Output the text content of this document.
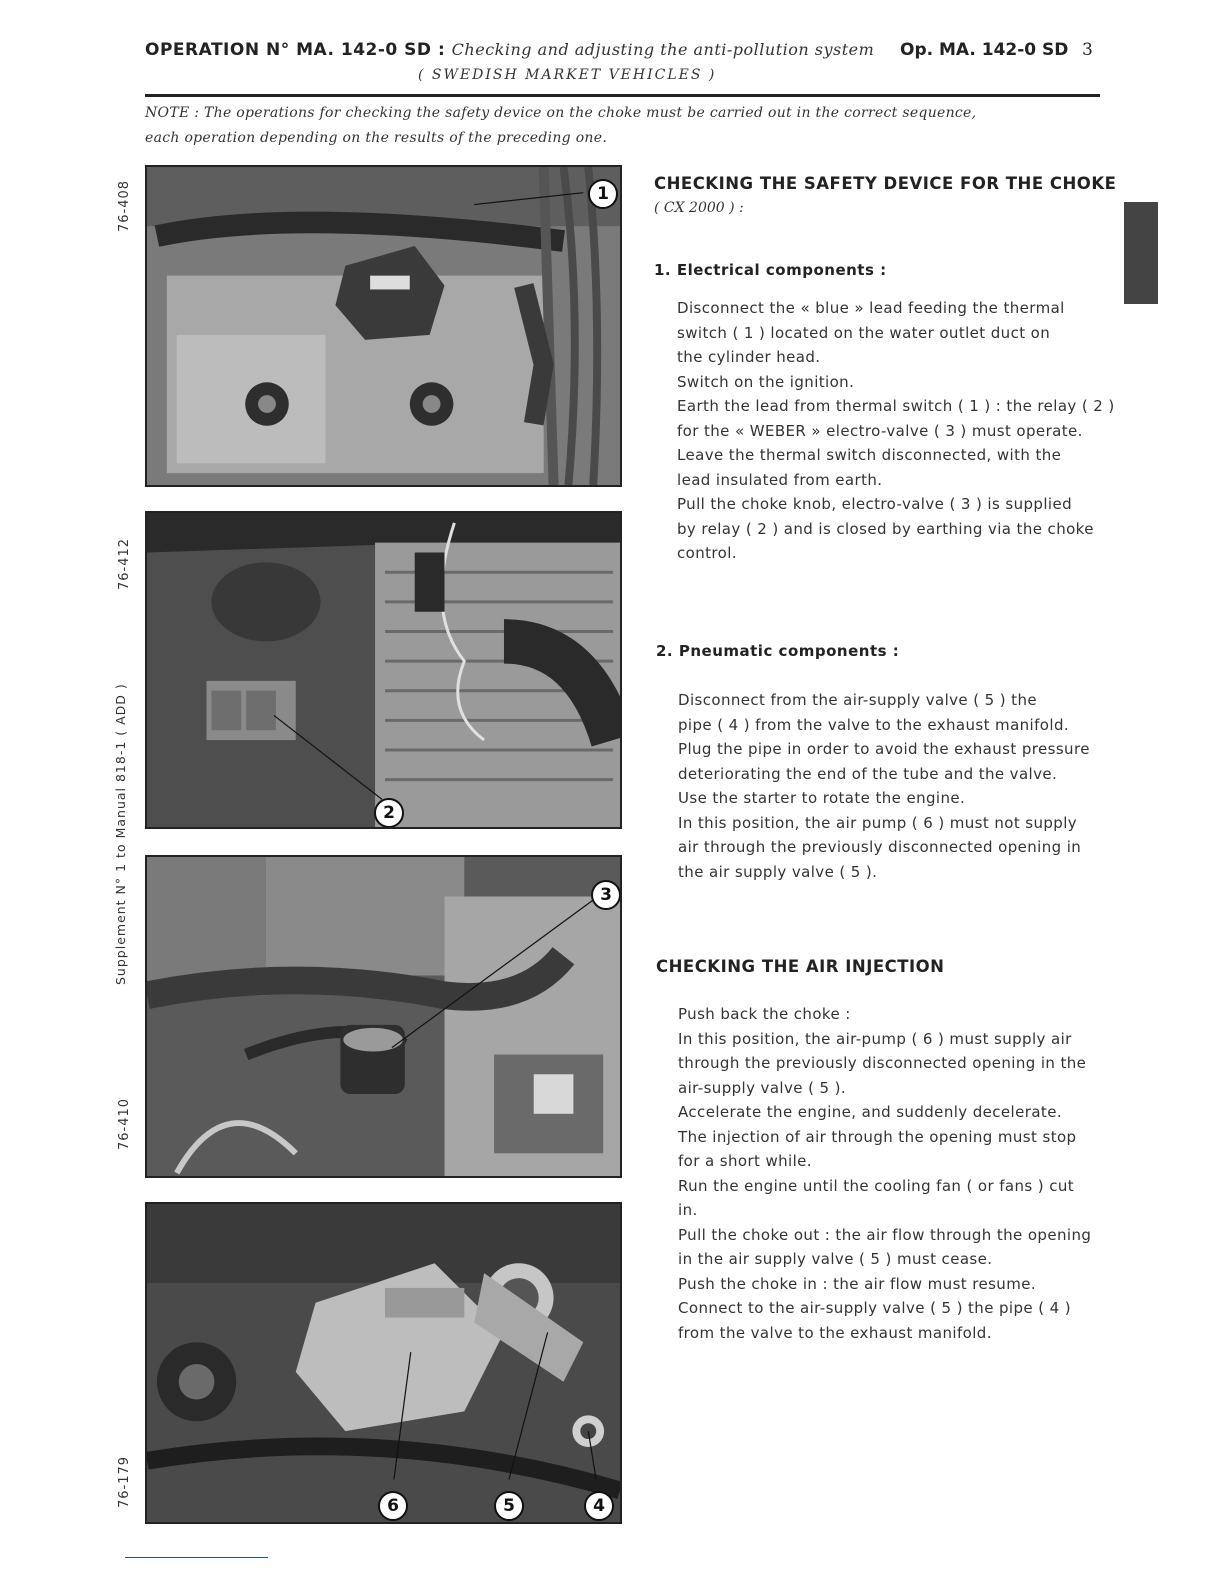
OPERATION N° MA. 142-0 SD : Checking and adjusting the anti-pollution system
( SWEDISH MARKET VEHICLES )
Op. MA. 142-0 SD 3
NOTE : The operations for checking the safety device on the choke must be carried out in the correct sequence,
each operation depending on the results of the preceding one.
Supplement N° 1 to Manual 818-1 ( ADD )
76-408
76-412
76-410
76-179
1
2
3
6	5	4
CHECKING THE SAFETY DEVICE FOR THE CHOKE
( CX 2000 ) :
1. Electrical components :
Disconnect the « blue » lead feeding the thermal
switch ( 1 ) located on the water outlet duct on
the cylinder head.
Switch on the ignition.
Earth the lead from thermal switch ( 1 ) : the relay ( 2 )
for the « WEBER » electro-valve ( 3 ) must operate.
Leave the thermal switch disconnected, with the
lead insulated from earth.
Pull the choke knob, electro-valve ( 3 ) is supplied
by relay ( 2 ) and is closed by earthing via the choke
control.
2. Pneumatic components :
Disconnect from the air-supply valve ( 5 ) the
pipe ( 4 ) from the valve to the exhaust manifold.
Plug the pipe in order to avoid the exhaust pressure
deteriorating the end of the tube and the valve.
Use the starter to rotate the engine.
In this position, the air pump ( 6 ) must not supply
air through the previously disconnected opening in
the air supply valve ( 5 ).
CHECKING THE AIR INJECTION
Push back the choke :
In this position, the air-pump ( 6 ) must supply air
through the previously disconnected opening in the
air-supply valve ( 5 ).
Accelerate the engine, and suddenly decelerate.
The injection of air through the opening must stop
for a short while.
Run the engine until the cooling fan ( or fans ) cut
in.
Pull the choke out : the air flow through the opening
in the air supply valve ( 5 ) must cease.
Push the choke in : the air flow must resume.
Connect to the air-supply valve ( 5 ) the pipe ( 4 )
from the valve to the exhaust manifold.
